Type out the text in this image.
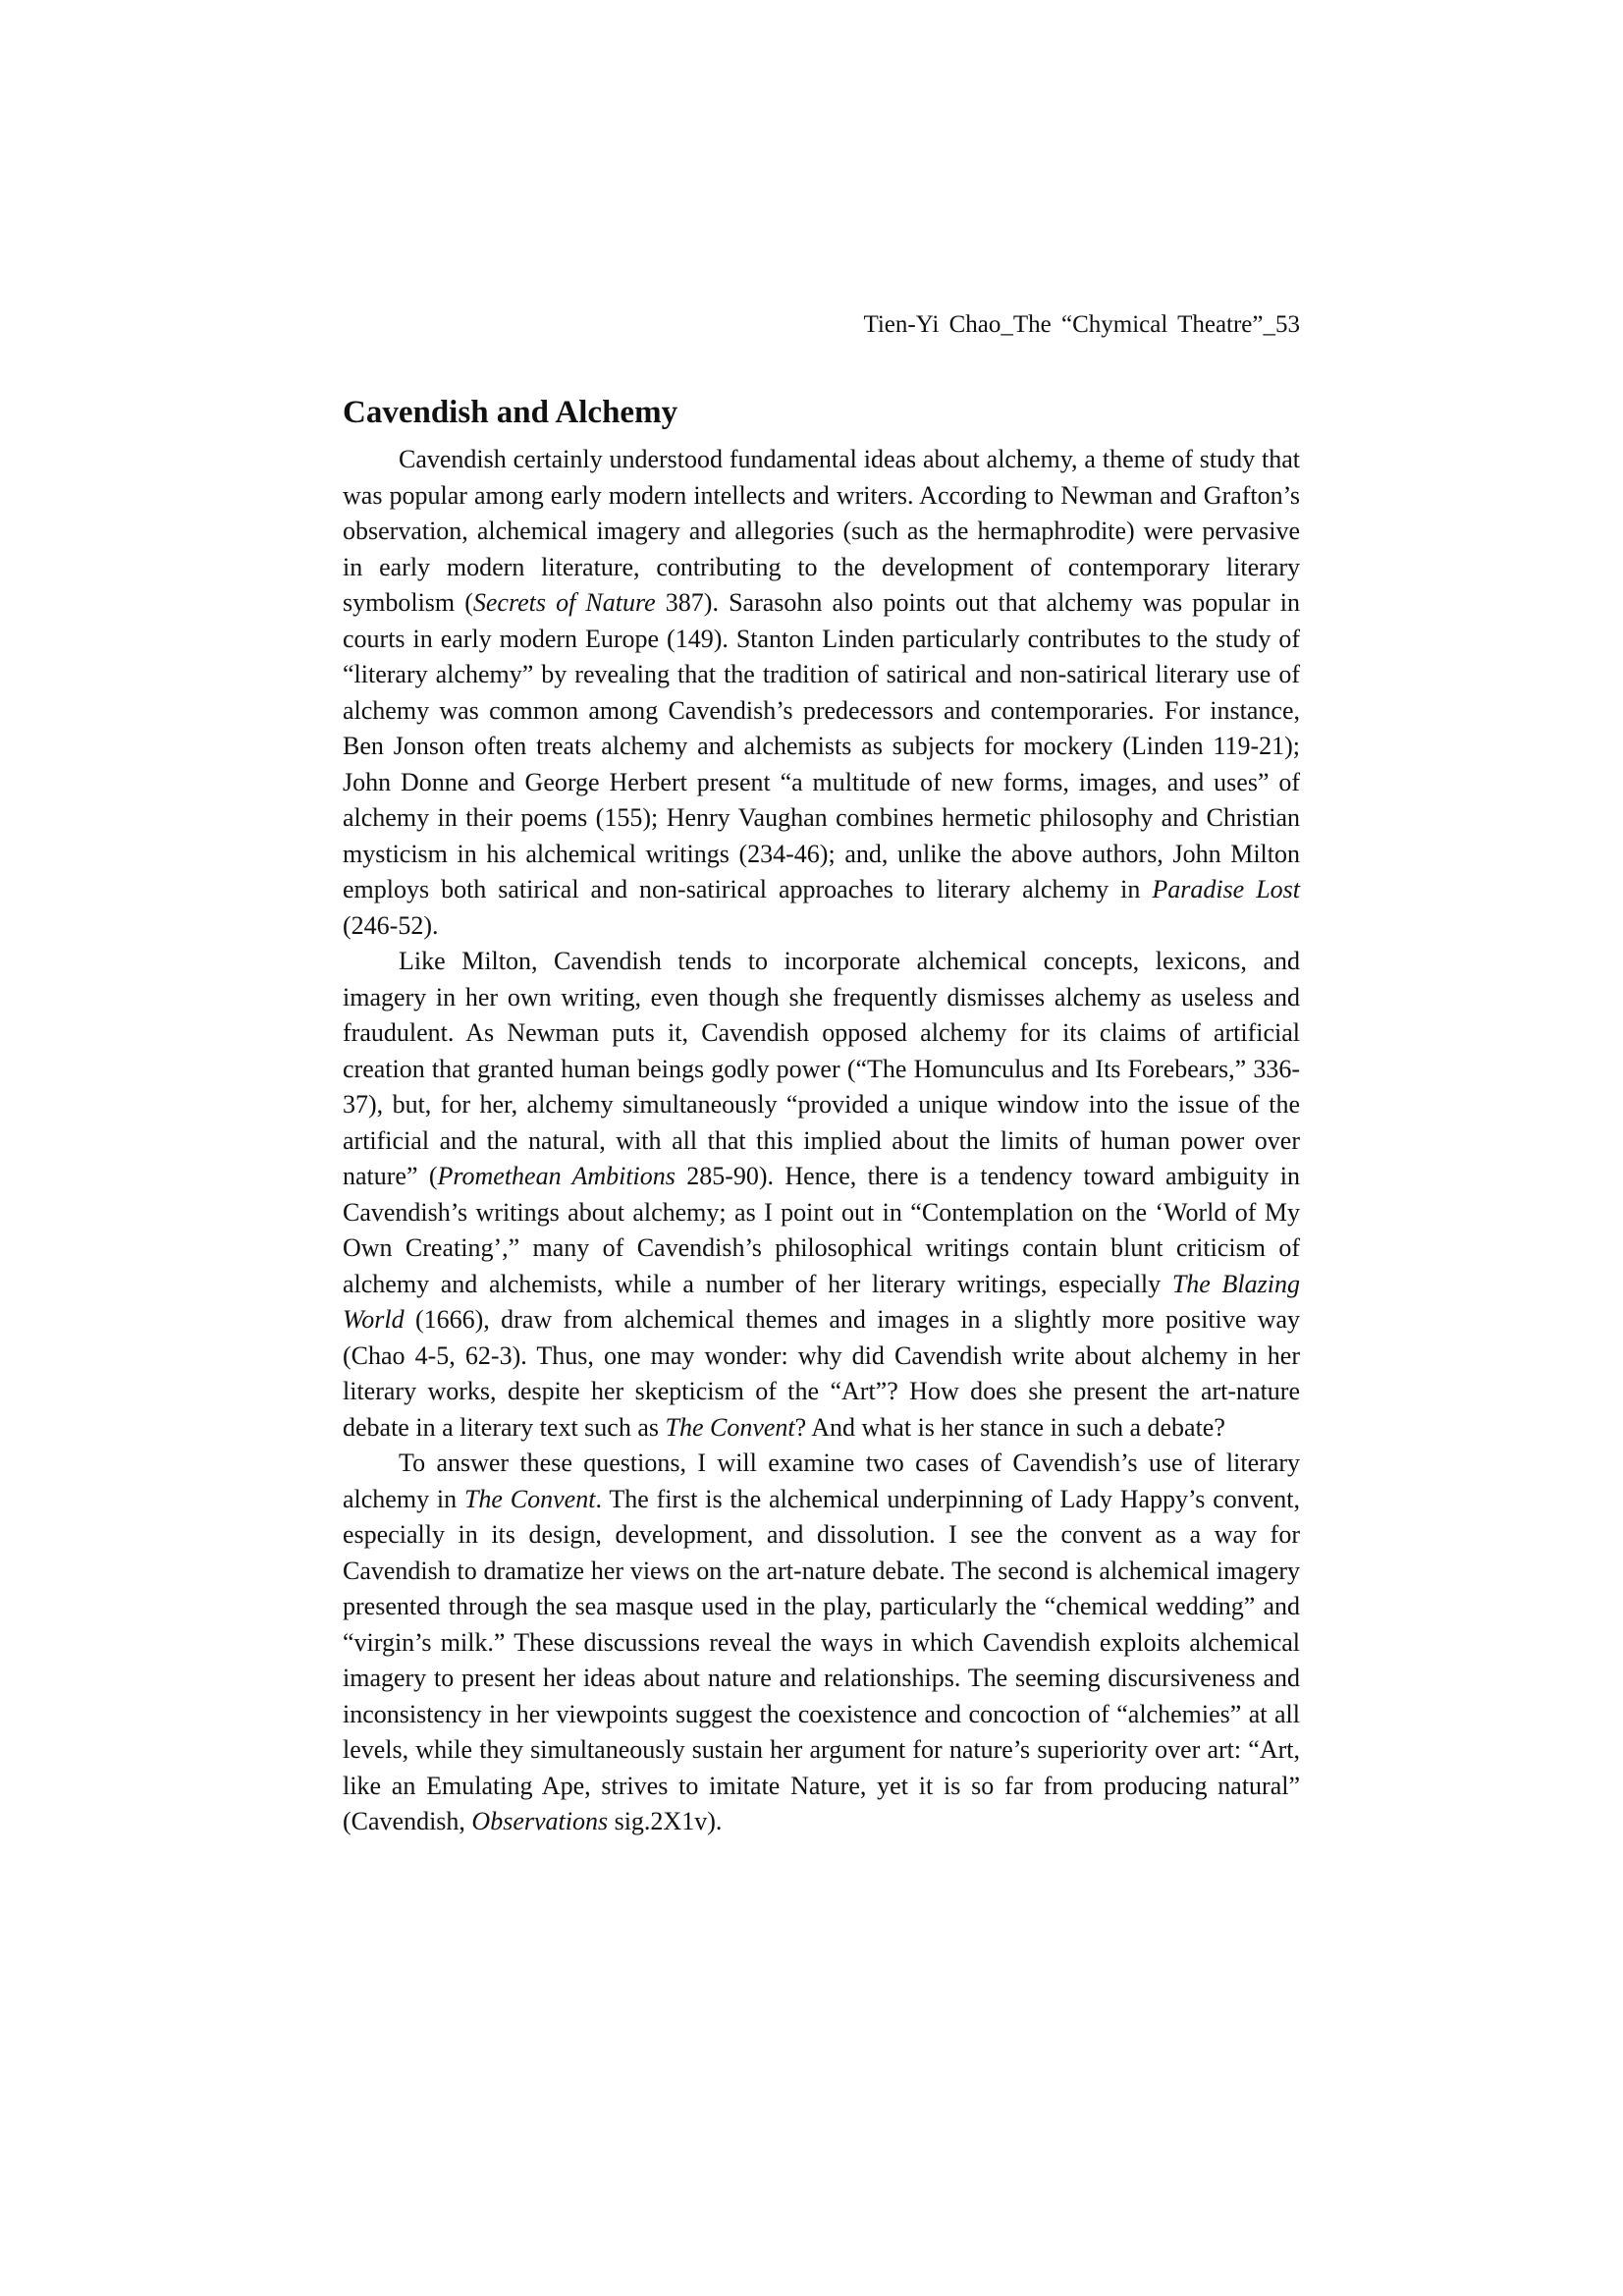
Tien-Yi Chao_The “Chymical Theatre”_53
Cavendish and Alchemy

Cavendish certainly understood fundamental ideas about alchemy, a theme of study that was popular among early modern intellects and writers. According to Newman and Grafton’s observation, alchemical imagery and allegories (such as the hermaphrodite) were pervasive in early modern literature, contributing to the development of contemporary literary symbolism (Secrets of Nature 387). Sarasohn also points out that alchemy was popular in courts in early modern Europe (149). Stanton Linden particularly contributes to the study of “literary alchemy” by revealing that the tradition of satirical and non-satirical literary use of alchemy was common among Cavendish’s predecessors and contemporaries. For instance, Ben Jonson often treats alchemy and alchemists as subjects for mockery (Linden 119-21); John Donne and George Herbert present “a multitude of new forms, images, and uses” of alchemy in their poems (155); Henry Vaughan combines hermetic philosophy and Christian mysticism in his alchemical writings (234-46); and, unlike the above authors, John Milton employs both satirical and non-satirical approaches to literary alchemy in Paradise Lost (246-52).

Like Milton, Cavendish tends to incorporate alchemical concepts, lexicons, and imagery in her own writing, even though she frequently dismisses alchemy as useless and fraudulent. As Newman puts it, Cavendish opposed alchemy for its claims of artificial creation that granted human beings godly power (“The Homunculus and Its Forebears,” 336-37), but, for her, alchemy simultaneously “provided a unique window into the issue of the artificial and the natural, with all that this implied about the limits of human power over nature” (Promethean Ambitions 285-90). Hence, there is a tendency toward ambiguity in Cavendish’s writings about alchemy; as I point out in “Contemplation on the ‘World of My Own Creating’,” many of Cavendish’s philosophical writings contain blunt criticism of alchemy and alchemists, while a number of her literary writings, especially The Blazing World (1666), draw from alchemical themes and images in a slightly more positive way (Chao 4-5, 62-3). Thus, one may wonder: why did Cavendish write about alchemy in her literary works, despite her skepticism of the “Art”? How does she present the art-nature debate in a literary text such as The Convent? And what is her stance in such a debate?

To answer these questions, I will examine two cases of Cavendish’s use of literary alchemy in The Convent. The first is the alchemical underpinning of Lady Happy’s convent, especially in its design, development, and dissolution. I see the convent as a way for Cavendish to dramatize her views on the art-nature debate. The second is alchemical imagery presented through the sea masque used in the play, particularly the “chemical wedding” and “virgin’s milk.” These discussions reveal the ways in which Cavendish exploits alchemical imagery to present her ideas about nature and relationships. The seeming discursiveness and inconsistency in her viewpoints suggest the coexistence and concoction of “alchemies” at all levels, while they simultaneously sustain her argument for nature’s superiority over art: “Art, like an Emulating Ape, strives to imitate Nature, yet it is so far from producing natural” (Cavendish, Observations sig.2X1v).
